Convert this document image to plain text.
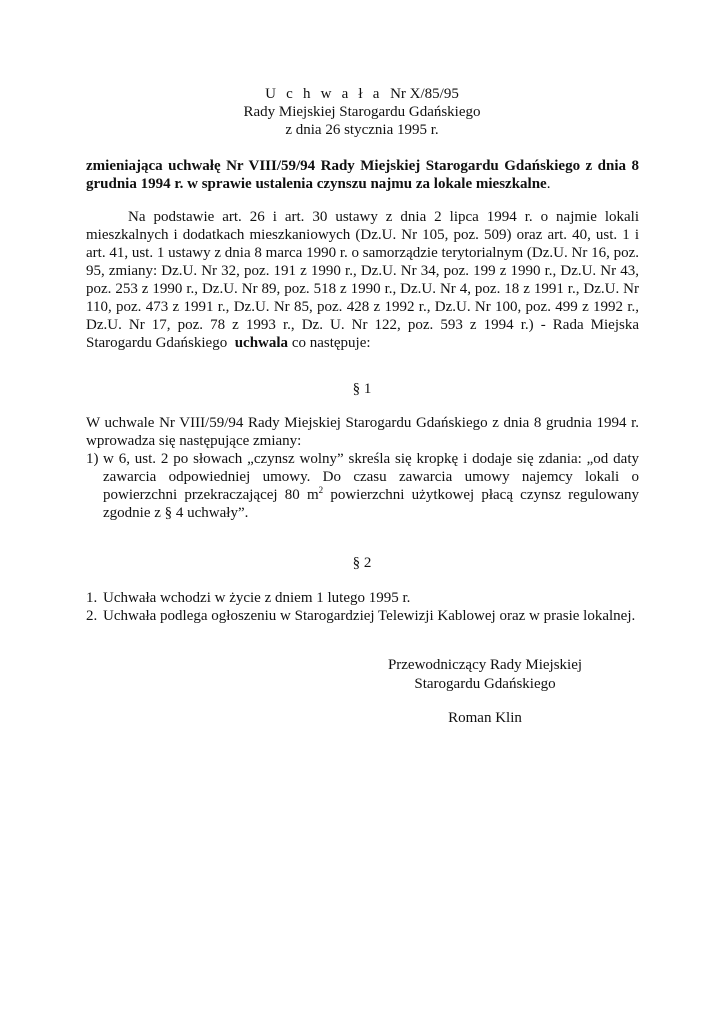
U c h w a ł a Nr X/85/95
Rady Miejskiej Starogardu Gdańskiego
z dnia 26 stycznia 1995 r.
zmieniająca uchwałę Nr VIII/59/94 Rady Miejskiej Starogardu Gdańskiego z dnia 8 grudnia 1994 r. w sprawie ustalenia czynszu najmu za lokale mieszkalne.
Na podstawie art. 26 i art. 30 ustawy z dnia 2 lipca 1994 r. o najmie lokali mieszkalnych i dodatkach mieszkaniowych (Dz.U. Nr 105, poz. 509) oraz art. 40, ust. 1 i art. 41, ust. 1 ustawy z dnia 8 marca 1990 r. o samorządzie terytorialnym (Dz.U. Nr 16, poz. 95, zmiany: Dz.U. Nr 32, poz. 191 z 1990 r., Dz.U. Nr 34, poz. 199 z 1990 r., Dz.U. Nr 43, poz. 253 z 1990 r., Dz.U. Nr 89, poz. 518 z 1990 r., Dz.U. Nr 4, poz. 18 z 1991 r., Dz.U. Nr 110, poz. 473 z 1991 r., Dz.U. Nr 85, poz. 428 z 1992 r., Dz.U. Nr 100, poz. 499 z 1992 r., Dz.U. Nr 17, poz. 78 z 1993 r., Dz. U. Nr 122, poz. 593 z 1994 r.) - Rada Miejska Starogardu Gdańskiego uchwala co następuje:
§ 1
W uchwale Nr VIII/59/94 Rady Miejskiej Starogardu Gdańskiego z dnia 8 grudnia 1994 r. wprowadza się następujące zmiany:
1) w 6, ust. 2 po słowach „czynsz wolny” skreśla się kropkę i dodaje się zdania: „od daty zawarcia odpowiedniej umowy. Do czasu zawarcia umowy najemcy lokali o powierzchni przekraczającej 80 $m^2$ powierzchni użytkowej płacą czynsz regulowany zgodnie z § 4 uchwały”.
§ 2
1. Uchwała wchodzi w życie z dniem 1 lutego 1995 r.
2. Uchwała podlega ogłoszeniu w Starogardziej Telewizji Kablowej oraz w prasie lokalnej.
Przewodniczący Rady Miejskiej
Starogardu Gdańskiego
Roman Klin
